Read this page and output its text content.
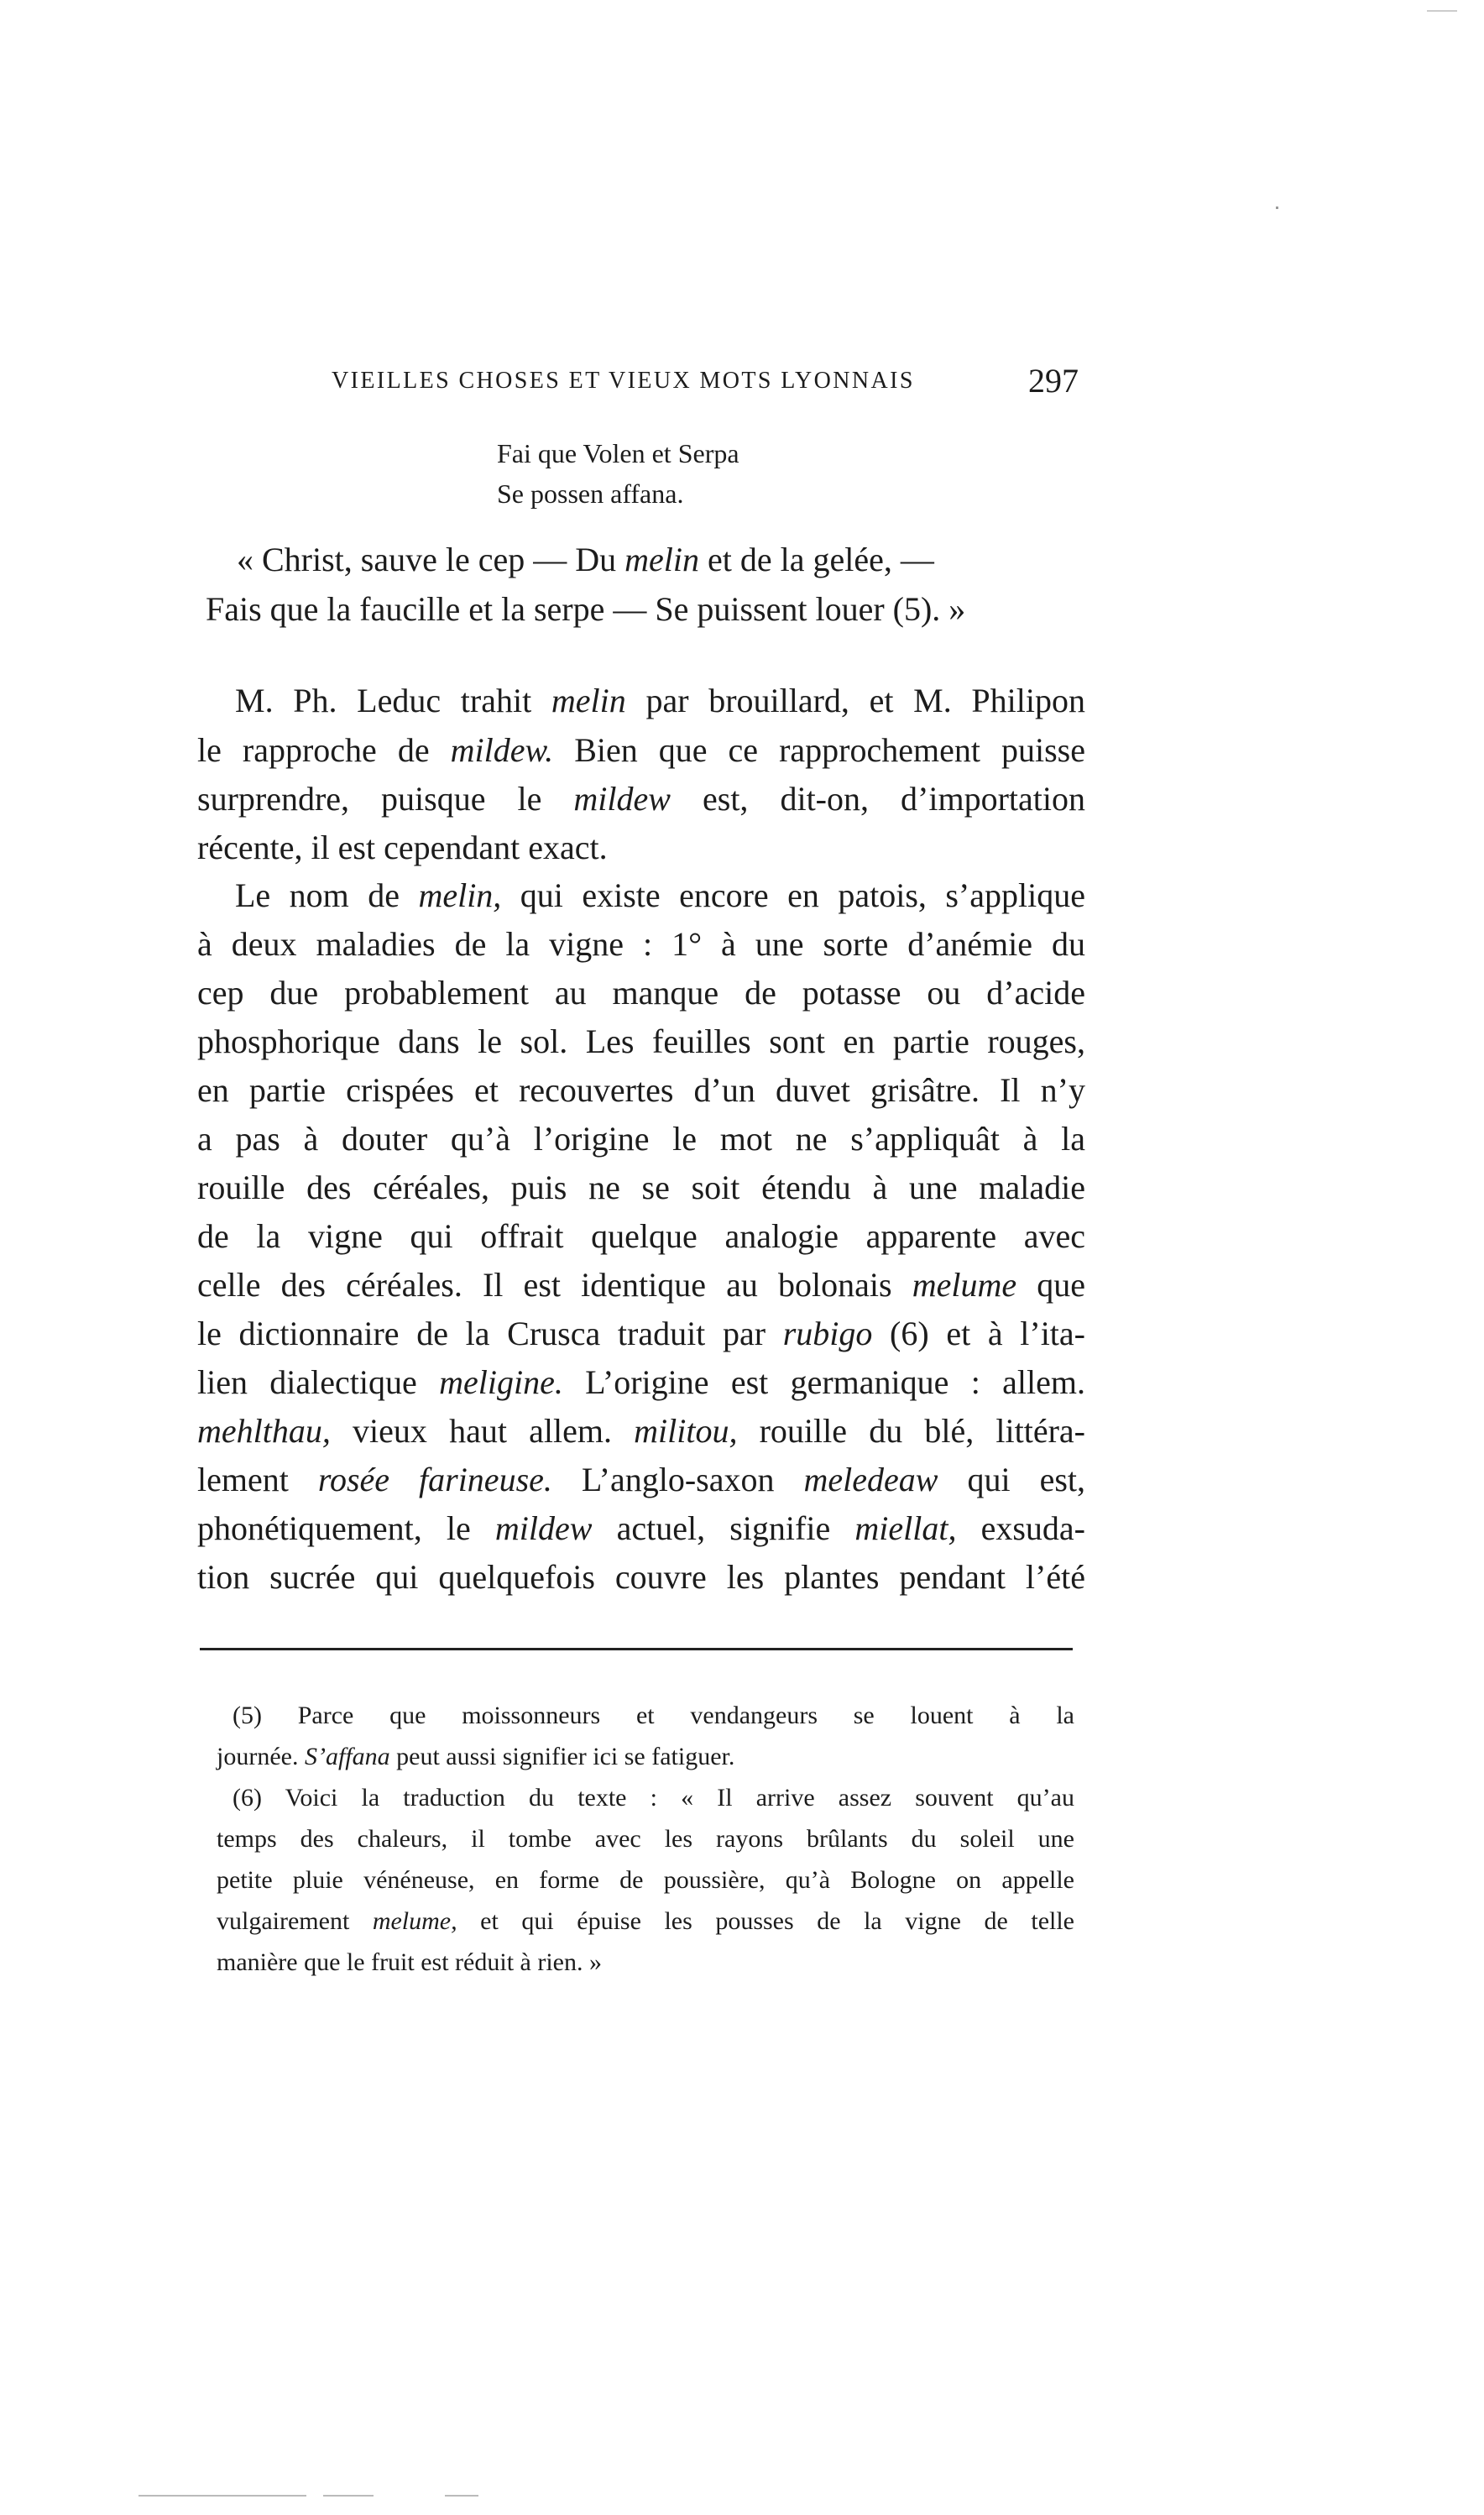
VIEILLES CHOSES ET VIEUX MOTS LYONNAIS	297
Fai que Volen et Serpa
Se possen affana.
« Christ, sauve le cep — Du melin et de la gelée, —
Fais que la faucille et la serpe — Se puissent louer (5). »
M. Ph. Leduc trahit melin par brouillard, et M. Philipon
le rapproche de mildew. Bien que ce rapprochement puisse
surprendre, puisque le mildew est, dit-on, d’importation
récente, il est cependant exact.
Le nom de melin, qui existe encore en patois, s’applique
à deux maladies de la vigne : 1° à une sorte d’anémie du
cep due probablement au manque de potasse ou d’acide
phosphorique dans le sol. Les feuilles sont en partie rouges,
en partie crispées et recouvertes d’un duvet grisâtre. Il n’y
a pas à douter qu’à l’origine le mot ne s’appliquât à la
rouille des céréales, puis ne se soit étendu à une maladie
de la vigne qui offrait quelque analogie apparente avec
celle des céréales. Il est identique au bolonais melume que
le dictionnaire de la Crusca traduit par rubigo (6) et à l’ita-
lien dialectique meligine. L’origine est germanique : allem.
mehlthau, vieux haut allem. militou, rouille du blé, littéra-
lement rosée farineuse. L’anglo-saxon meledeaw qui est,
phonétiquement, le mildew actuel, signifie miellat, exsuda-
tion sucrée qui quelquefois couvre les plantes pendant l’été
(5) Parce que moissonneurs et vendangeurs se louent à la
journée. S’affana peut aussi signifier ici se fatiguer.
(6) Voici la traduction du texte : « Il arrive assez souvent qu’au
temps des chaleurs, il tombe avec les rayons brûlants du soleil une
petite pluie vénéneuse, en forme de poussière, qu’à Bologne on appelle
vulgairement melume, et qui épuise les pousses de la vigne de telle
manière que le fruit est réduit à rien. »
